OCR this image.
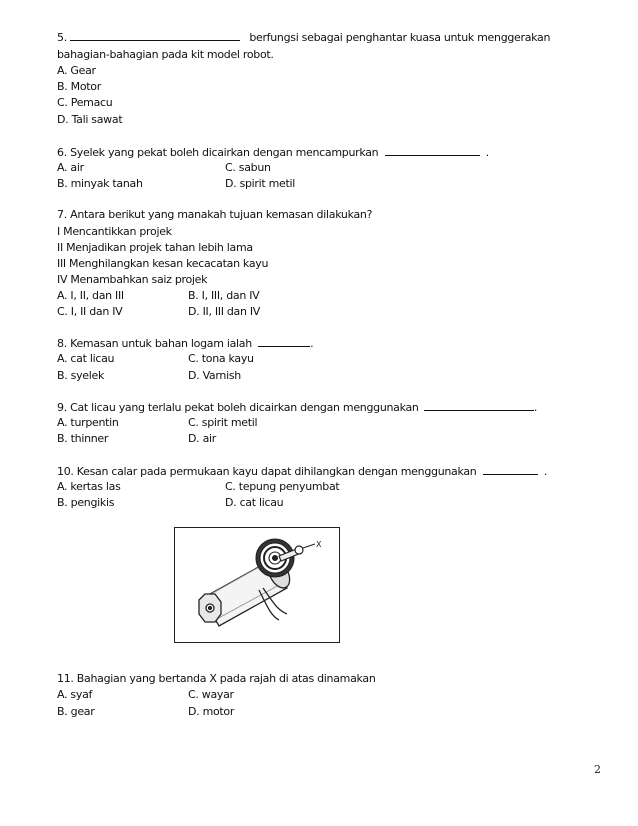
5.	berfungsi sebagai penghantar kuasa untuk menggerakan
bahagian-bahagian pada kit model robot.
A. Gear
B. Motor
C. Pemacu
D. Tali sawat
6. Syelek yang pekat boleh dicairkan dengan mencampurkan	.
A. air	C. sabun
B. minyak tanah	D. spirit metil
7. Antara berikut yang manakah tujuan kemasan dilakukan?
I Mencantikkan projek
II Menjadikan projek tahan lebih lama
III Menghilangkan kesan kecacatan kayu
IV Menambahkan saiz projek
A. I, II, dan III	B. I, III, dan IV
C. I, II dan IV	D. II, III dan IV
8. Kemasan untuk bahan logam ialah	.
A. cat licau	C. tona kayu
B. syelek	D. Varnish
9. Cat licau yang terlalu pekat boleh dicairkan dengan menggunakan	.
A. turpentin	C. spirit metil
B. thinner	D. air
10. Kesan calar pada permukaan kayu dapat dihilangkan dengan menggunakan	.
A. kertas las	C. tepung penyumbat
B. pengikis	D. cat licau
X
11. Bahagian yang bertanda X pada rajah di atas dinamakan
A. syaf	C. wayar
B. gear	D. motor
2
